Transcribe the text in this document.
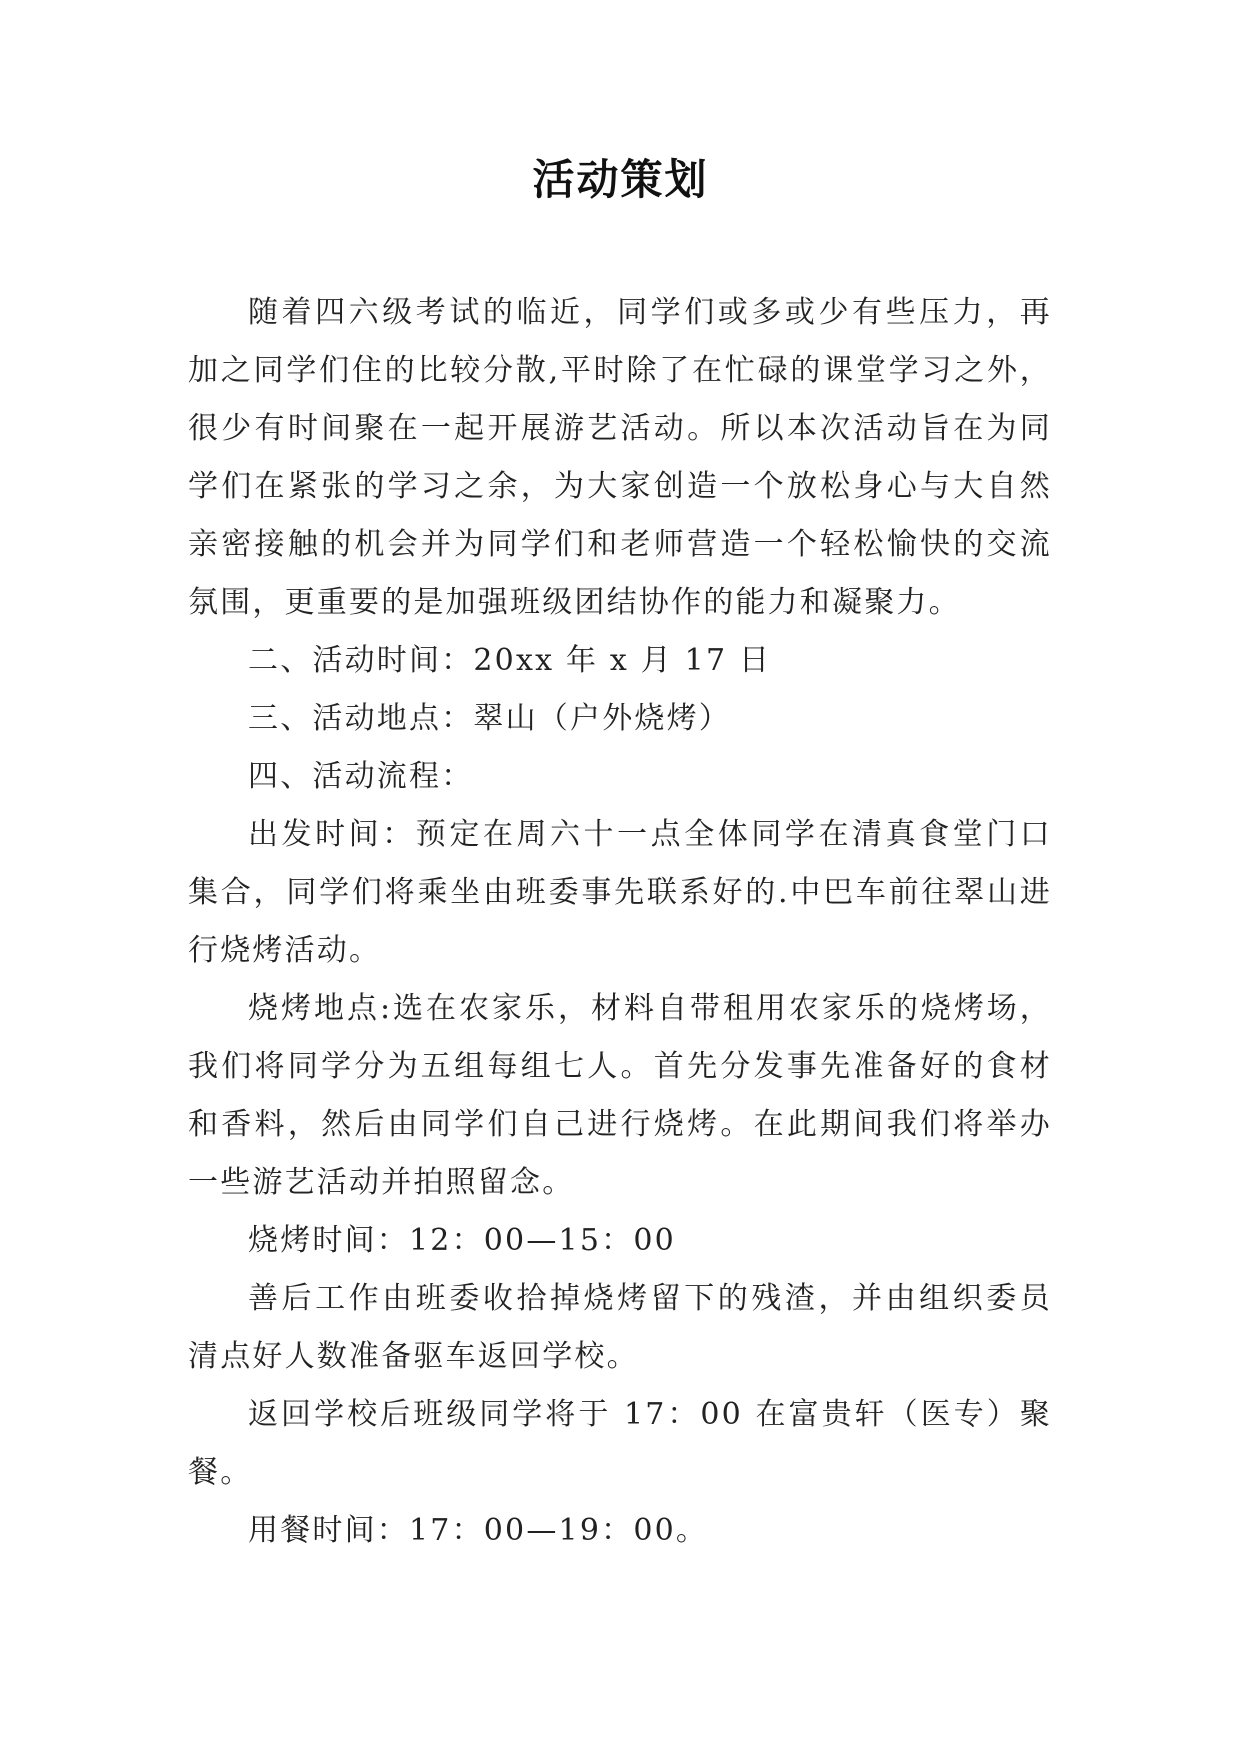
活动策划

随着四六级考试的临近，同学们或多或少有些压力，再加之同学们住的比较分散,平时除了在忙碌的课堂学习之外，很少有时间聚在一起开展游艺活动。所以本次活动旨在为同学们在紧张的学习之余，为大家创造一个放松身心与大自然亲密接触的机会并为同学们和老师营造一个轻松愉快的交流氛围，更重要的是加强班级团结协作的能力和凝聚力。

二、活动时间：20xx 年 x 月 17 日

三、活动地点：翠山（户外烧烤）

四、活动流程：

出发时间：预定在周六十一点全体同学在清真食堂门口集合，同学们将乘坐由班委事先联系好的.中巴车前往翠山进行烧烤活动。

烧烤地点:选在农家乐，材料自带租用农家乐的烧烤场，我们将同学分为五组每组七人。首先分发事先准备好的食材和香料，然后由同学们自己进行烧烤。在此期间我们将举办一些游艺活动并拍照留念。

烧烤时间：12：00—15：00

善后工作由班委收拾掉烧烤留下的残渣，并由组织委员清点好人数准备驱车返回学校。

返回学校后班级同学将于 17：00 在富贵轩（医专）聚餐。

用餐时间：17：00—19：00。
